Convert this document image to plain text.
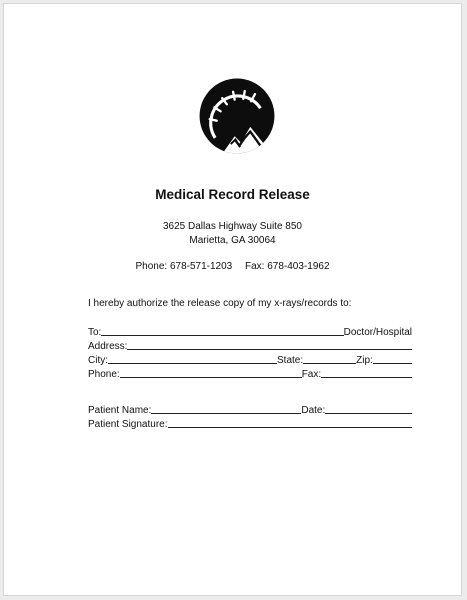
Medical Record Release
3625 Dallas Highway Suite 850
Marietta, GA 30064
Phone: 678-571-1203 Fax: 678-403-1962
I hereby authorize the release copy of my x-rays/records to:
To:	Doctor/Hospital
Address:
City:	State:	Zip:
Phone:	Fax:
Patient Name:	Date:
Patient Signature:
